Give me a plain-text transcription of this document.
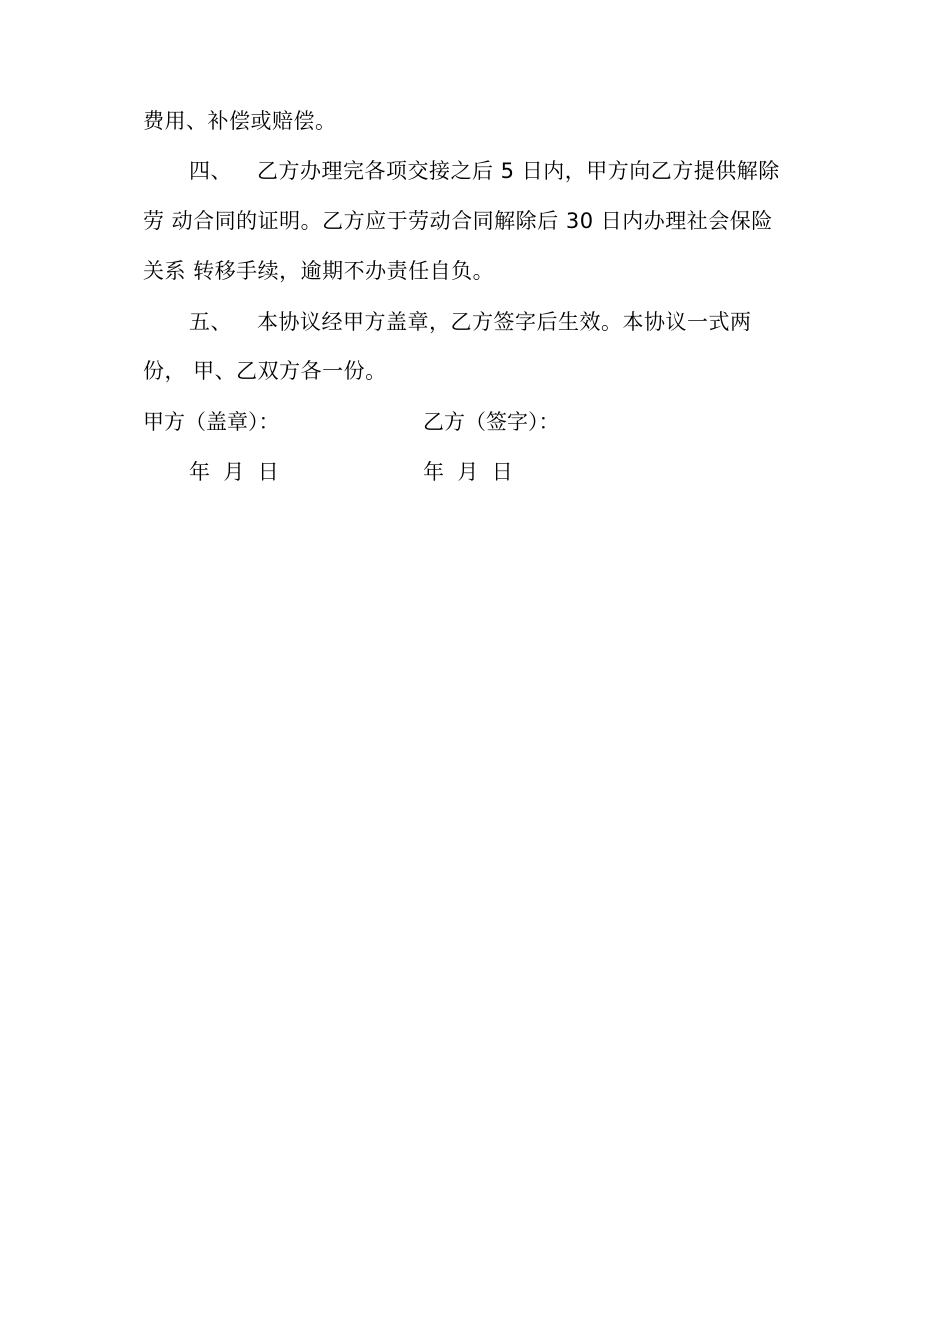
费用、补偿或赔偿。
四、 乙方办理完各项交接之后 5 日内，甲方向乙方提供解除
劳 动合同的证明。乙方应于劳动合同解除后 30 日内办理社会保险
关系 转移手续，逾期不办责任自负。
五、 本协议经甲方盖章，乙方签字后生效。本协议一式两
份， 甲、乙双方各一份。
甲方（盖章）：	乙方（签字）：
年  月  日	年  月  日
